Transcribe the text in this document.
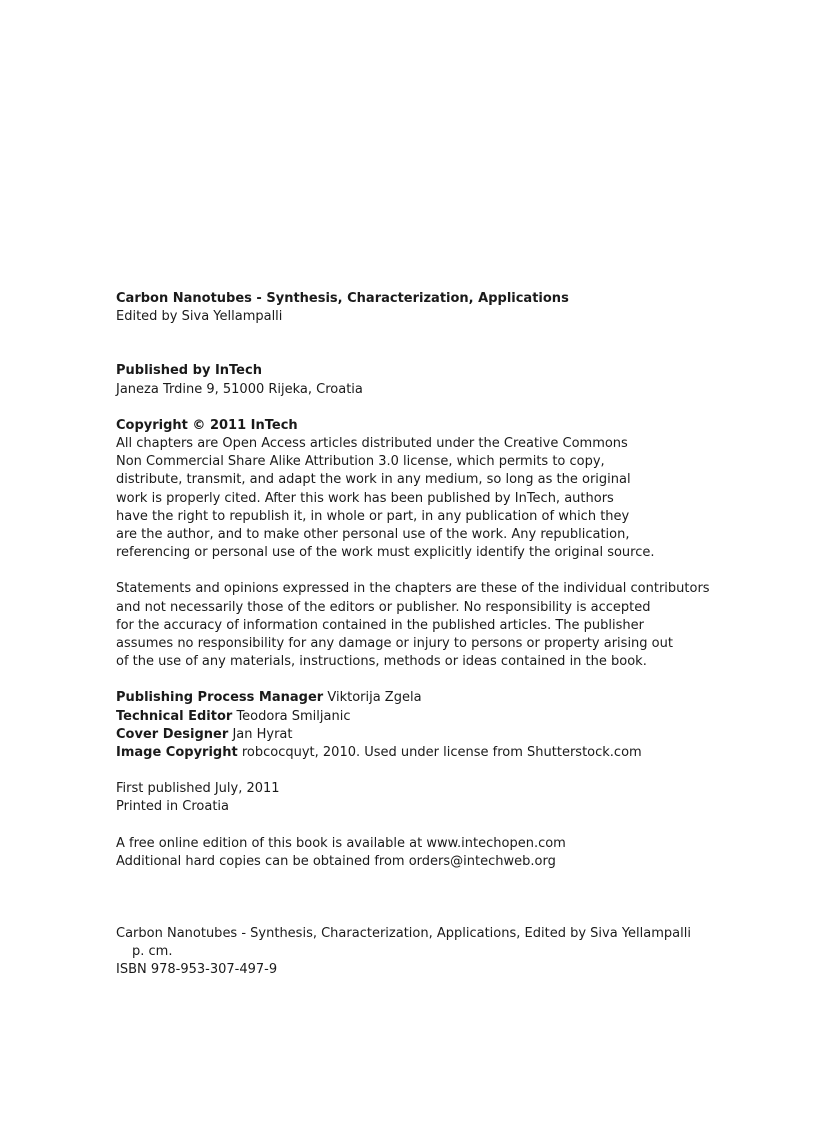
Carbon Nanotubes - Synthesis, Characterization, Applications
Edited by Siva Yellampalli
Published by InTech
Janeza Trdine 9, 51000 Rijeka, Croatia
Copyright © 2011 InTech
All chapters are Open Access articles distributed under the Creative Commons
Non Commercial Share Alike Attribution 3.0 license, which permits to copy,
distribute, transmit, and adapt the work in any medium, so long as the original
work is properly cited. After this work has been published by InTech, authors
have the right to republish it, in whole or part, in any publication of which they
are the author, and to make other personal use of the work. Any republication,
referencing or personal use of the work must explicitly identify the original source.
Statements and opinions expressed in the chapters are these of the individual contributors
and not necessarily those of the editors or publisher. No responsibility is accepted
for the accuracy of information contained in the published articles. The publisher
assumes no responsibility for any damage or injury to persons or property arising out
of the use of any materials, instructions, methods or ideas contained in the book.
Publishing Process Manager Viktorija Zgela
Technical Editor Teodora Smiljanic
Cover Designer Jan Hyrat
Image Copyright robcocquyt, 2010. Used under license from Shutterstock.com
First published July, 2011
Printed in Croatia
A free online edition of this book is available at www.intechopen.com
Additional hard copies can be obtained from orders@intechweb.org
Carbon Nanotubes - Synthesis, Characterization, Applications, Edited by Siva Yellampalli
p. cm.
ISBN 978-953-307-497-9
